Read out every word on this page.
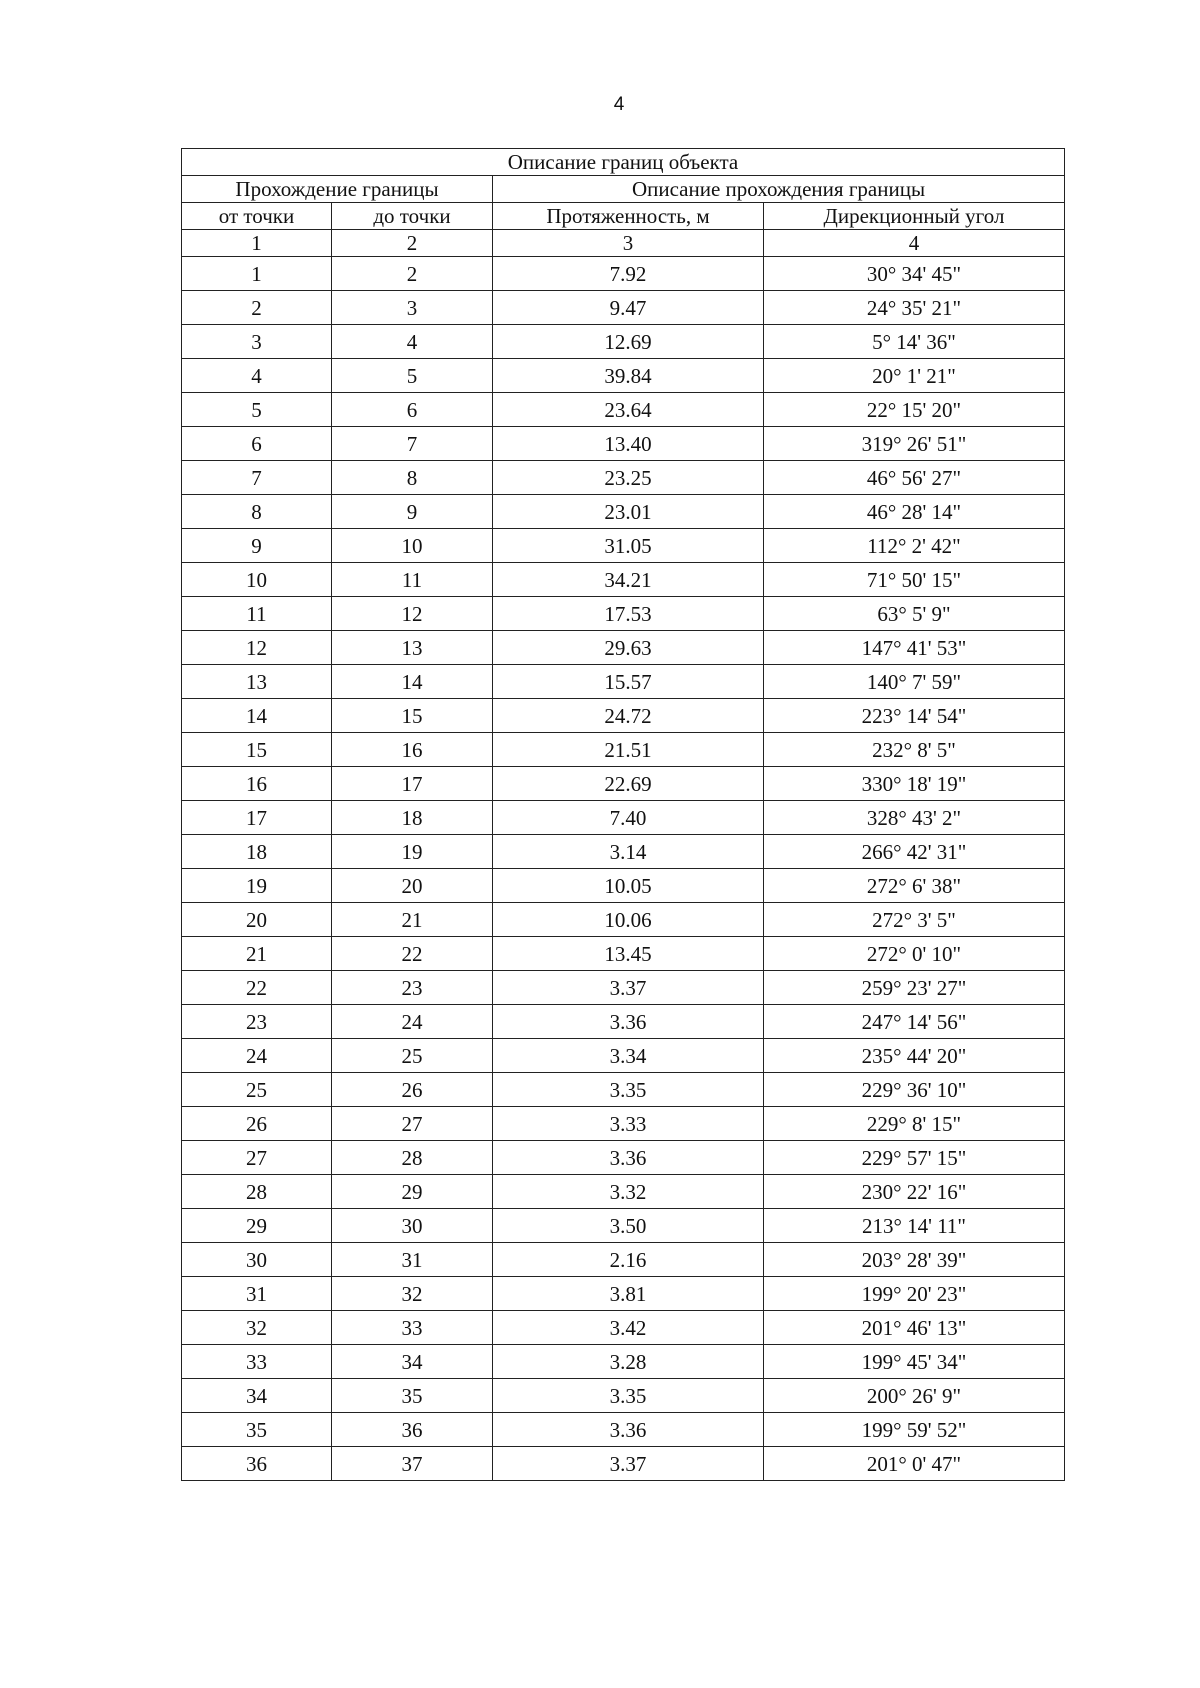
4
Описание границ объекта			
Прохождение границы		Описание прохождения границы	
от точки	до точки	Протяженность, м	Дирекционный угол
1	2	3	4
1	2	7.92	30° 34' 45"
2	3	9.47	24° 35' 21"
3	4	12.69	5° 14' 36"
4	5	39.84	20° 1' 21"
5	6	23.64	22° 15' 20"
6	7	13.40	319° 26' 51"
7	8	23.25	46° 56' 27"
8	9	23.01	46° 28' 14"
9	10	31.05	112° 2' 42"
10	11	34.21	71° 50' 15"
11	12	17.53	63° 5' 9"
12	13	29.63	147° 41' 53"
13	14	15.57	140° 7' 59"
14	15	24.72	223° 14' 54"
15	16	21.51	232° 8' 5"
16	17	22.69	330° 18' 19"
17	18	7.40	328° 43' 2"
18	19	3.14	266° 42' 31"
19	20	10.05	272° 6' 38"
20	21	10.06	272° 3' 5"
21	22	13.45	272° 0' 10"
22	23	3.37	259° 23' 27"
23	24	3.36	247° 14' 56"
24	25	3.34	235° 44' 20"
25	26	3.35	229° 36' 10"
26	27	3.33	229° 8' 15"
27	28	3.36	229° 57' 15"
28	29	3.32	230° 22' 16"
29	30	3.50	213° 14' 11"
30	31	2.16	203° 28' 39"
31	32	3.81	199° 20' 23"
32	33	3.42	201° 46' 13"
33	34	3.28	199° 45' 34"
34	35	3.35	200° 26' 9"
35	36	3.36	199° 59' 52"
36	37	3.37	201° 0' 47"
